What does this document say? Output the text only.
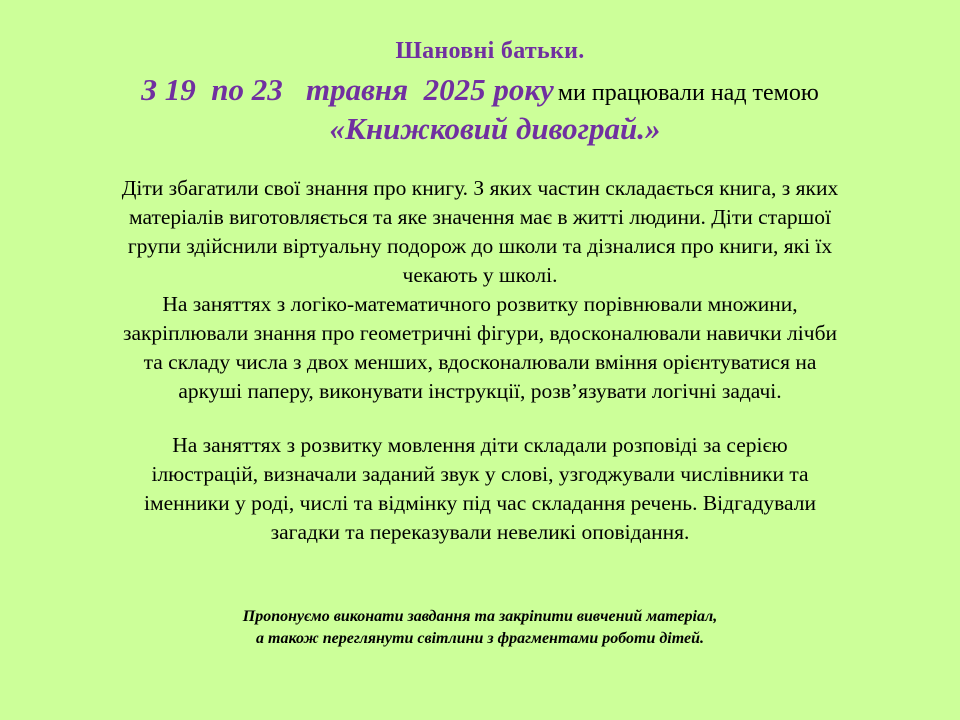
Шановні батьки.
З 19  по 23   травня  2025 року ми працювали над темою
«Книжковий дивограй.»
Діти збагатили свої знання про книгу. З яких частин складається книга, з яких
матеріалів виготовляється та яке значення має в житті людини. Діти старшої
групи здійснили віртуальну подорож до школи та дізналися про книги, які їх
чекають у школі.
На заняттях з логіко-математичного розвитку порівнювали множини,
закріплювали знання про геометричні фігури, вдосконалювали навички лічби
та складу числа з двох менших, вдосконалювали вміння орієнтуватися на
аркуші паперу, виконувати інструкції, розв’язувати логічні задачі.
На заняттях з розвитку мовлення діти складали розповіді за серією
ілюстрацій, визначали заданий звук у слові, узгоджували числівники та
іменники у роді, числі та відмінку під час складання речень. Відгадували
загадки та переказували невеликі оповідання.
Пропонуємо виконати завдання та закріпити вивчений матеріал,
а також переглянути світлини з фрагментами роботи дітей.
